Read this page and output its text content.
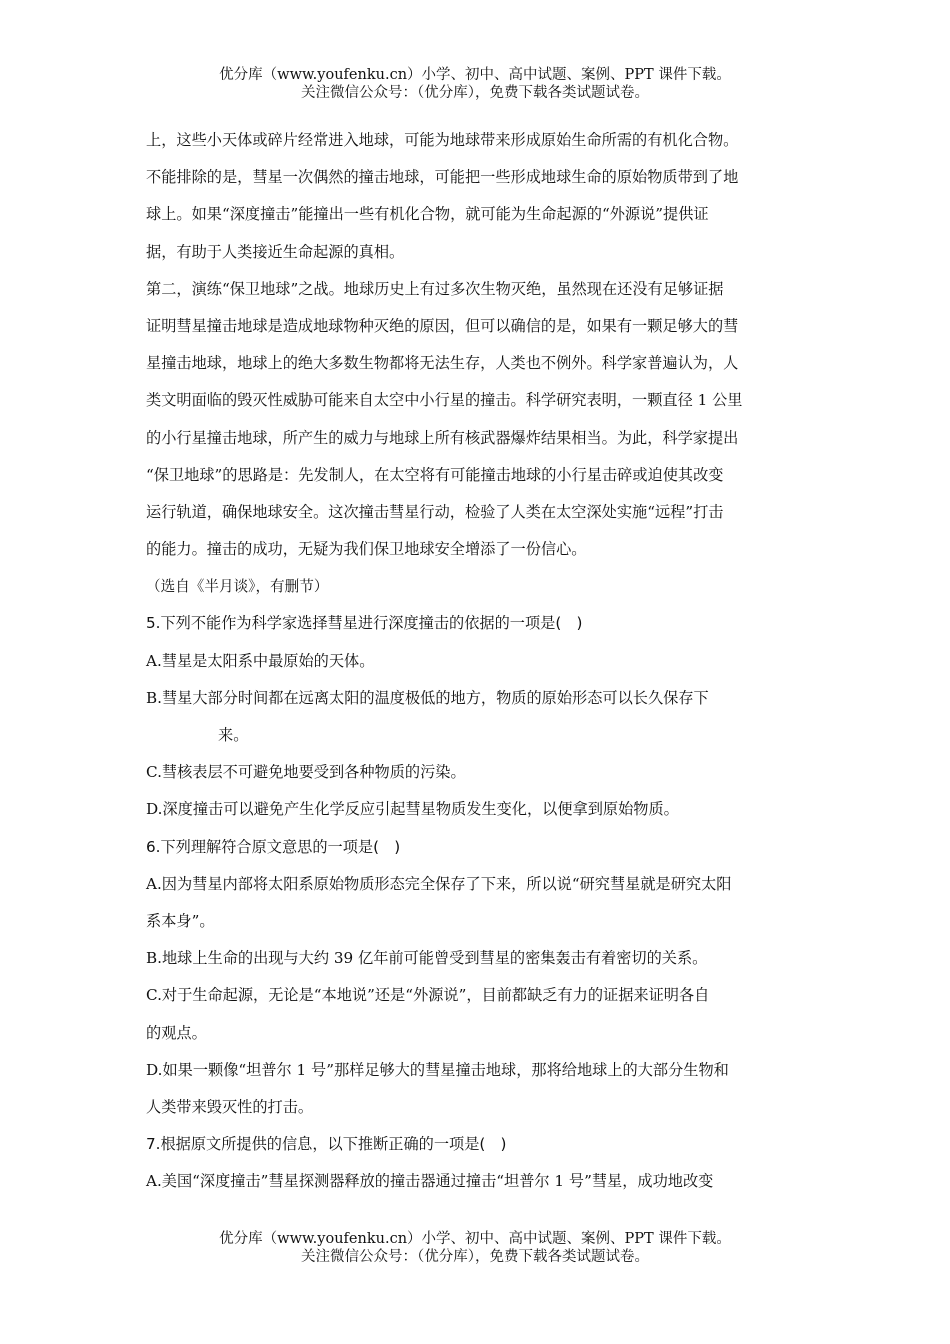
优分库（www.youfenku.cn）小学、初中、高中试题、案例、PPT 课件下载。
关注微信公众号：（优分库），免费下载各类试题试卷。
上，这些小天体或碎片经常进入地球，可能为地球带来形成原始生命所需的有机化合物。
不能排除的是，彗星一次偶然的撞击地球，可能把一些形成地球生命的原始物质带到了地
球上。如果“深度撞击”能撞出一些有机化合物，就可能为生命起源的“外源说”提供证
据，有助于人类接近生命起源的真相。
第二，演练“保卫地球”之战。地球历史上有过多次生物灭绝，虽然现在还没有足够证据
证明彗星撞击地球是造成地球物种灭绝的原因，但可以确信的是，如果有一颗足够大的彗
星撞击地球，地球上的绝大多数生物都将无法生存，人类也不例外。科学家普遍认为，人
类文明面临的毁灭性威胁可能来自太空中小行星的撞击。科学研究表明，一颗直径 1 公里
的小行星撞击地球，所产生的威力与地球上所有核武器爆炸结果相当。为此，科学家提出
“保卫地球”的思路是：先发制人，在太空将有可能撞击地球的小行星击碎或迫使其改变
运行轨道，确保地球安全。这次撞击彗星行动，检验了人类在太空深处实施“远程”打击
的能力。撞击的成功，无疑为我们保卫地球安全增添了一份信心。
（选自《半月谈》，有删节）
5.下列不能作为科学家选择彗星进行深度撞击的依据的一项是(　)
A.彗星是太阳系中最原始的天体。
B.彗星大部分时间都在远离太阳的温度极低的地方，物质的原始形态可以长久保存下
来。
C.彗核表层不可避免地要受到各种物质的污染。
D.深度撞击可以避免产生化学反应引起彗星物质发生变化，以便拿到原始物质。
6.下列理解符合原文意思的一项是(　)
A.因为彗星内部将太阳系原始物质形态完全保存了下来，所以说“研究彗星就是研究太阳
系本身”。
B.地球上生命的出现与大约 39 亿年前可能曾受到彗星的密集轰击有着密切的关系。
C.对于生命起源，无论是“本地说”还是“外源说”，目前都缺乏有力的证据来证明各自
的观点。
D.如果一颗像“坦普尔 1 号”那样足够大的彗星撞击地球，那将给地球上的大部分生物和
人类带来毁灭性的打击。
7.根据原文所提供的信息，以下推断正确的一项是(　)
A.美国“深度撞击”彗星探测器释放的撞击器通过撞击“坦普尔 1 号”彗星，成功地改变
优分库（www.youfenku.cn）小学、初中、高中试题、案例、PPT 课件下载。
关注微信公众号：（优分库），免费下载各类试题试卷。
